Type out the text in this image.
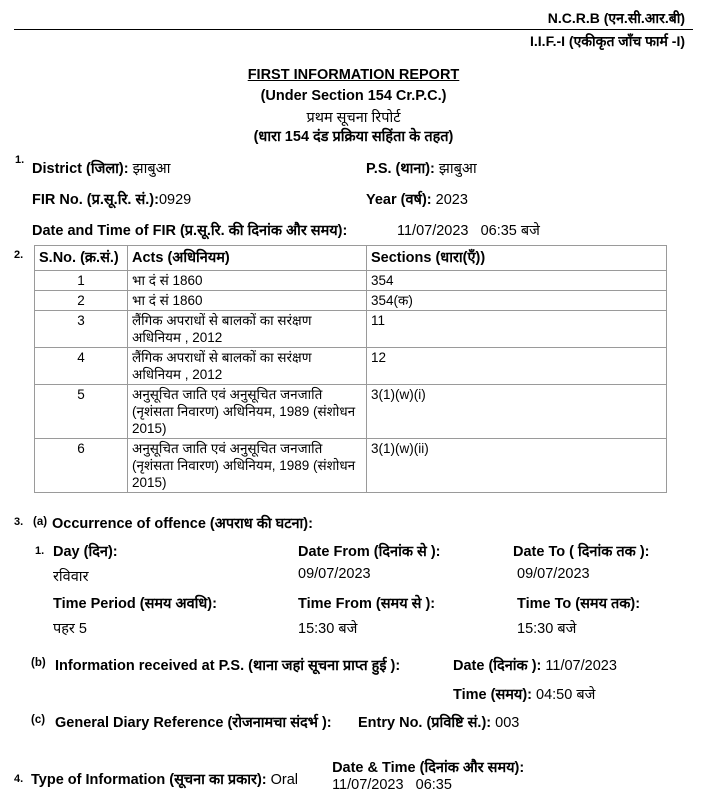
N.C.R.B (एन.सी.आर.बी)
I.I.F.-I (एकीकृत जाँच फार्म -I)
FIRST INFORMATION REPORT
(Under Section 154 Cr.P.C.)
प्रथम सूचना रिपोर्ट
(धारा 154 दंड प्रक्रिया सहिंता के तहत)
1.
District (जिला): झाबुआ	P.S. (थाना): झाबुआ
FIR No. (प्र.सू.रि. सं.):0929	Year (वर्ष): 2023
Date and Time of FIR (प्र.सू.रि. की दिनांक और समय):	11/07/2023   06:35 बजे
2. S.No. (क्र.सं.)	Acts (अधिनियम)	Sections (धारा(एँ))
1	भा दं सं 1860	354
2	भा दं सं 1860	354(क)
3	लैंगिक अपराधों से बालकों का सरंक्षण अधिनियम , 2012	11
4	लैंगिक अपराधों से बालकों का सरंक्षण अधिनियम , 2012	12
5	अनुसूचित जाति एवं अनुसूचित जनजाति (नृशंसता निवारण) अधिनियम, 1989 (संशोधन 2015)	3(1)(w)(i)
6	अनुसूचित जाति एवं अनुसूचित जनजाति (नृशंसता निवारण) अधिनियम, 1989 (संशोधन 2015)	3(1)(w)(ii)
3. (a) Occurrence of offence (अपराध की घटना):
1. Day (दिन):
रविवार
Date From (दिनांक से ):
09/07/2023
Date To ( दिनांक तक ):
09/07/2023
Time Period (समय अवधि):
पहर 5
Time From (समय से ):
15:30 बजे
Time To (समय तक):
15:30 बजे
(b) Information received at P.S. (थाना जहां सूचना प्राप्त हुई ):	Date (दिनांक ): 11/07/2023
Time (समय): 04:50 बजे
(c) General Diary Reference (रोजनामचा संदर्भ ): Entry No. (प्रविष्टि सं.): 003

Date & Time (दिनांक और समय):
11/07/2023   06:35

4. Type of Information (सूचना का प्रकार): Oral
